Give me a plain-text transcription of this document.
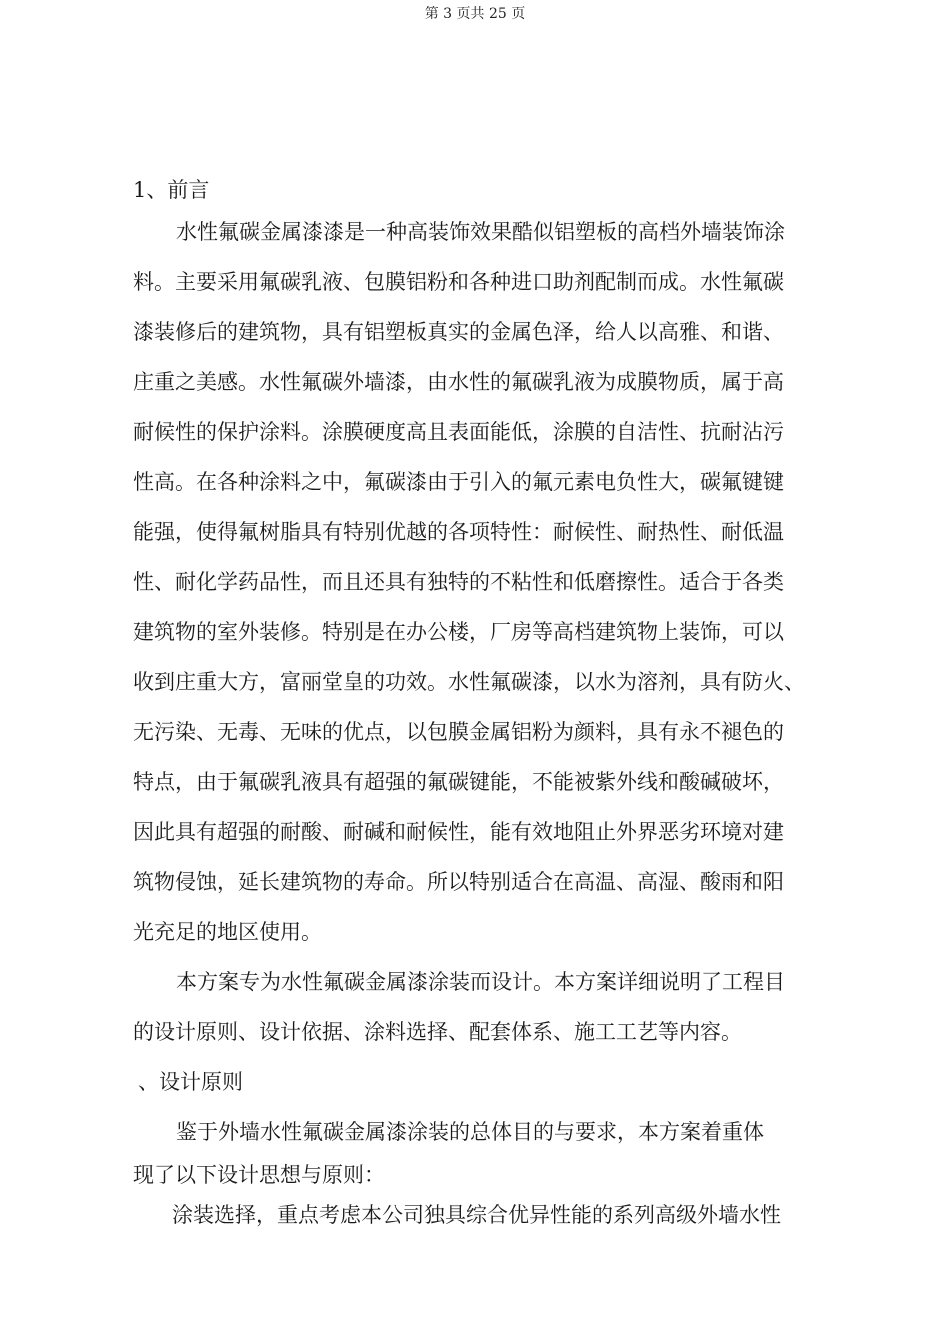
第 3 页共 25 页
1、前言
水性氟碳金属漆漆是一种高装饰效果酷似铝塑板的高档外墙装饰涂
料。主要采用氟碳乳液、包膜铝粉和各种进口助剂配制而成。水性氟碳
漆装修后的建筑物，具有铝塑板真实的金属色泽，给人以高雅、和谐、
庄重之美感。水性氟碳外墙漆，由水性的氟碳乳液为成膜物质，属于高
耐候性的保护涂料。涂膜硬度高且表面能低，涂膜的自洁性、抗耐沾污
性高。在各种涂料之中，氟碳漆由于引入的氟元素电负性大，碳氟键键
能强，使得氟树脂具有特别优越的各项特性：耐候性、耐热性、耐低温
性、耐化学药品性，而且还具有独特的不粘性和低磨擦性。适合于各类
建筑物的室外装修。特别是在办公楼，厂房等高档建筑物上装饰，可以
收到庄重大方，富丽堂皇的功效。水性氟碳漆，以水为溶剂，具有防火、
无污染、无毒、无味的优点，以包膜金属铝粉为颜料，具有永不褪色的
特点，由于氟碳乳液具有超强的氟碳键能，不能被紫外线和酸碱破坏，
因此具有超强的耐酸、耐碱和耐候性，能有效地阻止外界恶劣环境对建
筑物侵蚀，延长建筑物的寿命。所以特别适合在高温、高湿、酸雨和阳
光充足的地区使用。
本方案专为水性氟碳金属漆涂装而设计。本方案详细说明了工程目
的设计原则、设计依据、涂料选择、配套体系、施工工艺等内容。
、设计原则
鉴于外墙水性氟碳金属漆涂装的总体目的与要求，本方案着重体
现了以下设计思想与原则：
涂装选择，重点考虑本公司独具综合优异性能的系列高级外墙水性
